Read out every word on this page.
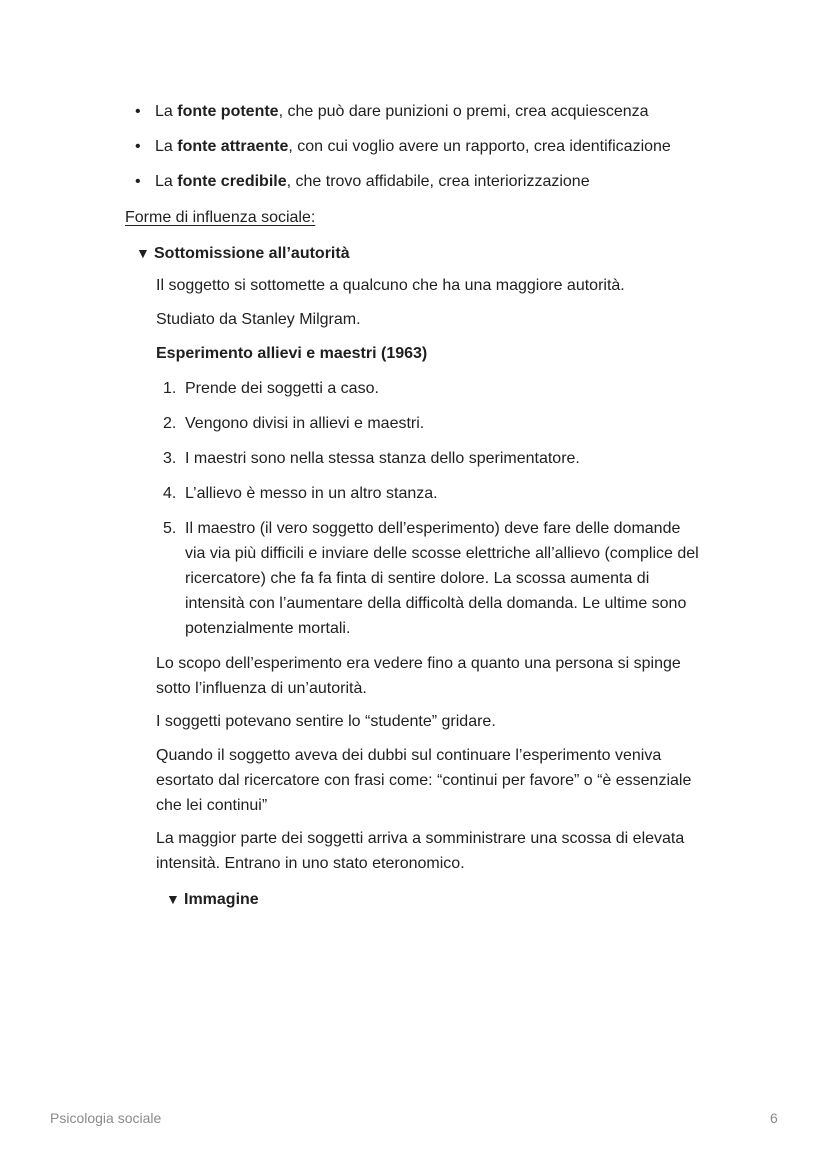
• La fonte potente, che può dare punizioni o premi, crea acquiescenza
• La fonte attraente, con cui voglio avere un rapporto, crea identificazione
• La fonte credibile, che trovo affidabile, crea interiorizzazione
Forme di influenza sociale:
▼ Sottomissione all’autorità
Il soggetto si sottomette a qualcuno che ha una maggiore autorità.
Studiato da Stanley Milgram.
Esperimento allievi e maestri (1963)
1. Prende dei soggetti a caso.
2. Vengono divisi in allievi e maestri.
3. I maestri sono nella stessa stanza dello sperimentatore.
4. L’allievo è messo in un altro stanza.
5. Il maestro (il vero soggetto dell’esperimento) deve fare delle domande
via via più difficili e inviare delle scosse elettriche all’allievo (complice del
ricercatore) che fa fa finta di sentire dolore. La scossa aumenta di
intensità con l’aumentare della difficoltà della domanda. Le ultime sono
potenzialmente mortali.
Lo scopo dell’esperimento era vedere fino a quanto una persona si spinge
sotto l’influenza di un’autorità.
I soggetti potevano sentire lo “studente” gridare.
Quando il soggetto aveva dei dubbi sul continuare l’esperimento veniva
esortato dal ricercatore con frasi come: “continui per favore” o “è essenziale
che lei continui”
La maggior parte dei soggetti arriva a somministrare una scossa di elevata
intensità. Entrano in uno stato eteronomico.
▼ Immagine
Psicologia sociale	6
